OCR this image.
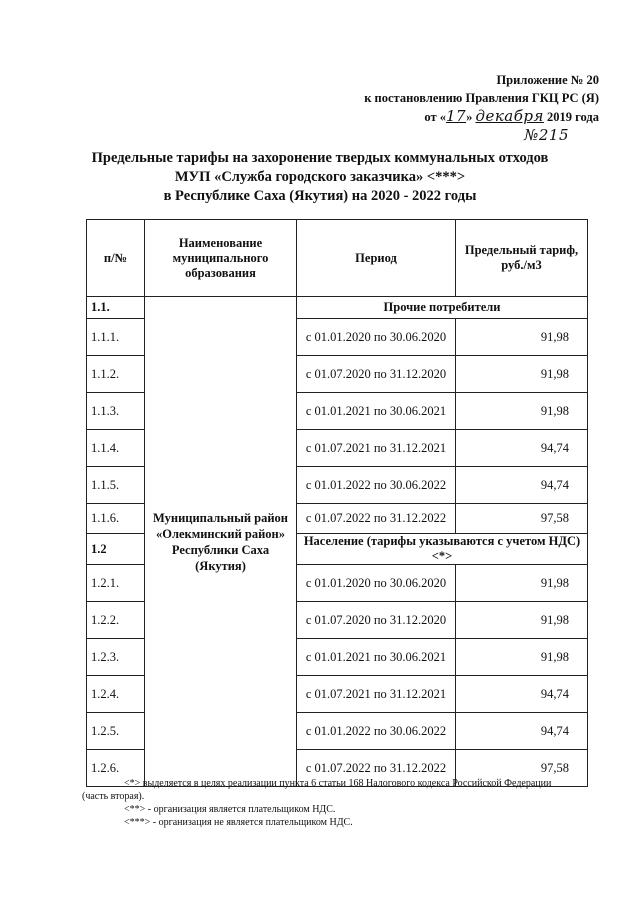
Приложение № 20
к постановлению Правления ГКЦ РС (Я)
от «17» декабря 2019 года
№215
Предельные тарифы на захоронение твердых коммунальных отходов
МУП «Служба городского заказчика» <***>
в Республике Саха (Якутия) на 2020 - 2022 годы
п/№	Наименование муниципального образования	Период	Предельный тариф, руб./м3
1.1.	Муниципальный район «Олекминский район» Республики Саха (Якутия)	Прочие потребители	
1.1.1.		с 01.01.2020 по 30.06.2020	91,98
1.1.2.		с 01.07.2020 по 31.12.2020	91,98
1.1.3.		с 01.01.2021 по 30.06.2021	91,98
1.1.4.		с 01.07.2021 по 31.12.2021	94,74
1.1.5.		с 01.01.2022 по 30.06.2022	94,74
1.1.6.		с 01.07.2022 по 31.12.2022	97,58
1.2		Население (тарифы указываются с учетом НДС) <*>	
1.2.1.		с 01.01.2020 по 30.06.2020	91,98
1.2.2.		с 01.07.2020 по 31.12.2020	91,98
1.2.3.		с 01.01.2021 по 30.06.2021	91,98
1.2.4.		с 01.07.2021 по 31.12.2021	94,74
1.2.5.		с 01.01.2022 по 30.06.2022	94,74
1.2.6.		с 01.07.2022 по 31.12.2022	97,58

<*> выделяется в целях реализации пункта 6 статьи 168 Налогового кодекса Российской Федерации

(часть вторая).

<**> - организация является плательщиком НДС.

<***> - организация не является плательщиком НДС.
